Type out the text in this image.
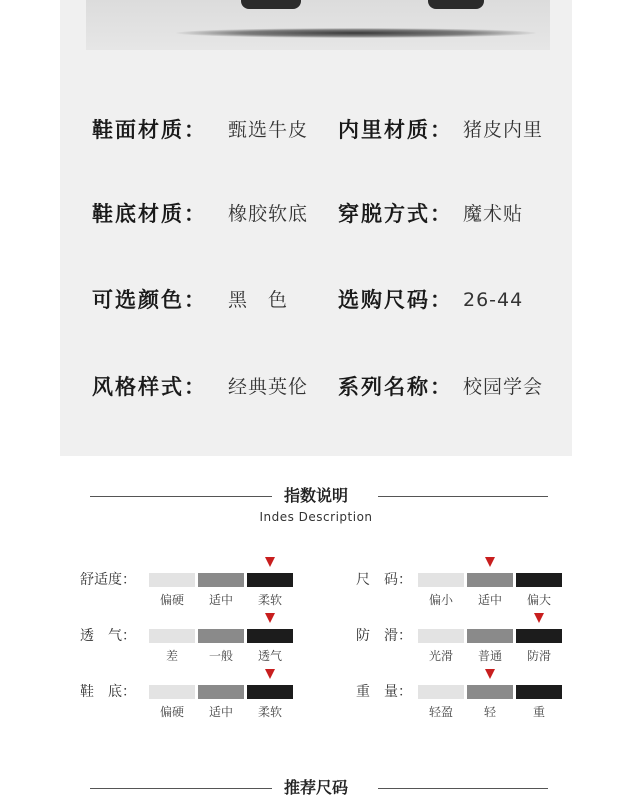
鞋面材质： 甄选牛皮 内里材质： 猪皮内里
鞋底材质： 橡胶软底 穿脱方式： 魔术贴
可选颜色： 黑　色 选购尺码： 26-44
风格样式： 经典英伦 系列名称： 校园学会
指数说明
Indes Description
舒适度：
偏硬	适中	柔软
尺　码：
偏小	适中	偏大
透　气：
差	一般	透气
防　滑：
光滑	普通	防滑
鞋　底：
偏硬	适中	柔软
重　量：
轻盈	轻	重
推荐尺码
